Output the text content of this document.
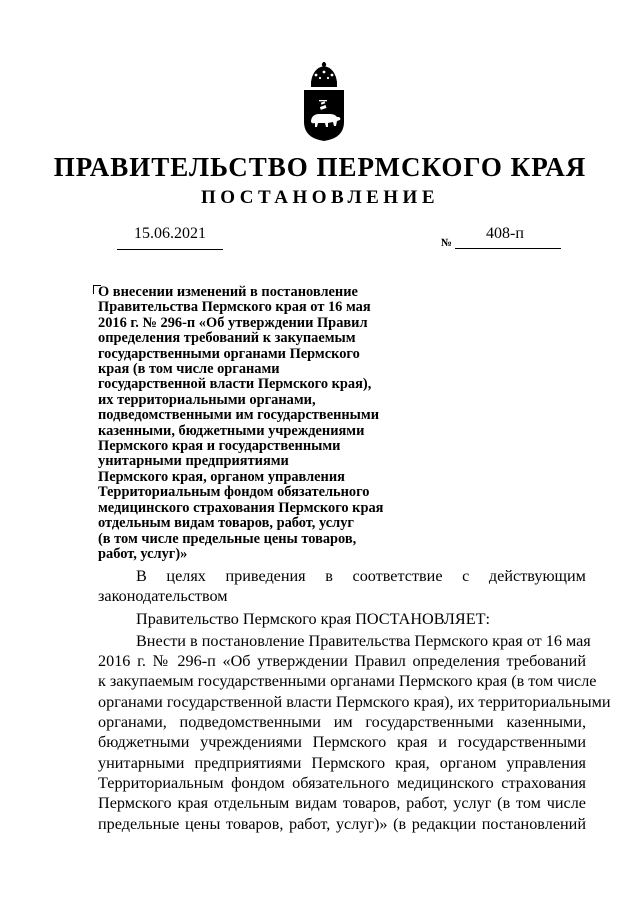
ПРАВИТЕЛЬСТВО ПЕРМСКОГО КРАЯ
ПОСТАНОВЛЕНИЕ
15.06.2021	408-п
№
О внесении изменений в постановление
Правительства Пермского края от 16 мая
2016 г. № 296-п «Об утверждении Правил
определения требований к закупаемым
государственными органами Пермского
края (в том числе органами
государственной власти Пермского края),
их территориальными органами,
подведомственными им государственными
казенными, бюджетными учреждениями
Пермского края и государственными
унитарными предприятиями
Пермского края, органом управления
Территориальным фондом обязательного
медицинского страхования Пермского края
отдельным видам товаров, работ, услуг
(в том числе предельные цены товаров,
работ, услуг)»
В целях приведения в соответствие с действующим
законодательством
Правительство Пермского края ПОСТАНОВЛЯЕТ:
Внести в постановление Правительства Пермского края от 16 мая
2016 г. № 296-п «Об утверждении Правил определения требований
к закупаемым государственными органами Пермского края (в том числе
органами государственной власти Пермского края), их территориальными
органами, подведомственными им государственными казенными,
бюджетными учреждениями Пермского края и государственными
унитарными предприятиями Пермского края, органом управления
Территориальным фондом обязательного медицинского страхования
Пермского края отдельным видам товаров, работ, услуг (в том числе
предельные цены товаров, работ, услуг)» (в редакции постановлений
